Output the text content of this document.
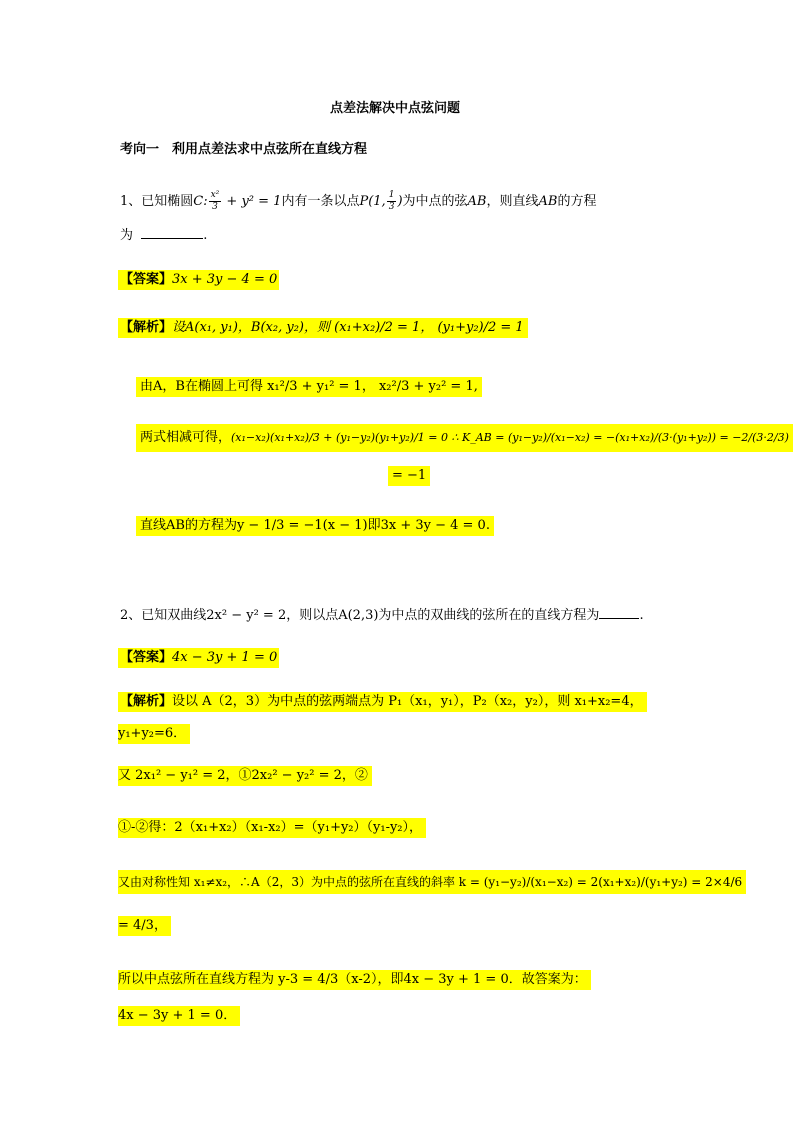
点差法解决中点弦问题
考向一　利用点差法求中点弦所在直线方程
1、已知椭圆C: $\frac{\text{x²}}{3} + y^2 = 1$内有一条以点P(1, $\frac{1}{3}$ )为中点的弦AB，则直线AB的方程
为	.
【答案】3x + 3y − 4 = 0
【解析】设A(x₁, y₁)，B(x₂, y₂)，则 (x₁+x₂)/2 = 1， (y₁+y₂)/2 = 1
由A，B在椭圆上可得 x₁²/3 + y₁² = 1， x₂²/3 + y₂² = 1,
两式相减可得，(x₁−x₂)(x₁+x₂)/3 + (y₁−y₂)(y₁+y₂)/1 = 0 ∴ K_AB = (y₁−y₂)/(x₁−x₂) = −(x₁+x₂)/(3·(y₁+y₂)) = −2/(3·2/3)
= −1
直线AB的方程为y − 1/3 = −1(x − 1)即3x + 3y − 4 = 0.
2、已知双曲线2x² − y² = 2，则以点A(2,3)为中点的双曲线的弦所在的直线方程为	.
【答案】4x − 3y + 1 = 0
【解析】设以 A（2，3）为中点的弦两端点为 P₁（x₁，y₁），P₂（x₂，y₂），则 x₁+x₂=4，
y₁+y₂=6．
又 2x₁² − y₁² = 2，①2x₂² − y₂² = 2，②
①-②得：2（x₁+x₂）（x₁-x₂）=（y₁+y₂）（y₁-y₂），
又由对称性知 x₁≠x₂，∴A（2，3）为中点的弦所在直线的斜率 k = (y₁−y₂)/(x₁−x₂) = 2(x₁+x₂)/(y₁+y₂) = 2×4/6
= 4/3，
所以中点弦所在直线方程为 y-3 = 4/3（x-2），即4x − 3y + 1 = 0．故答案为：
4x − 3y + 1 = 0．
